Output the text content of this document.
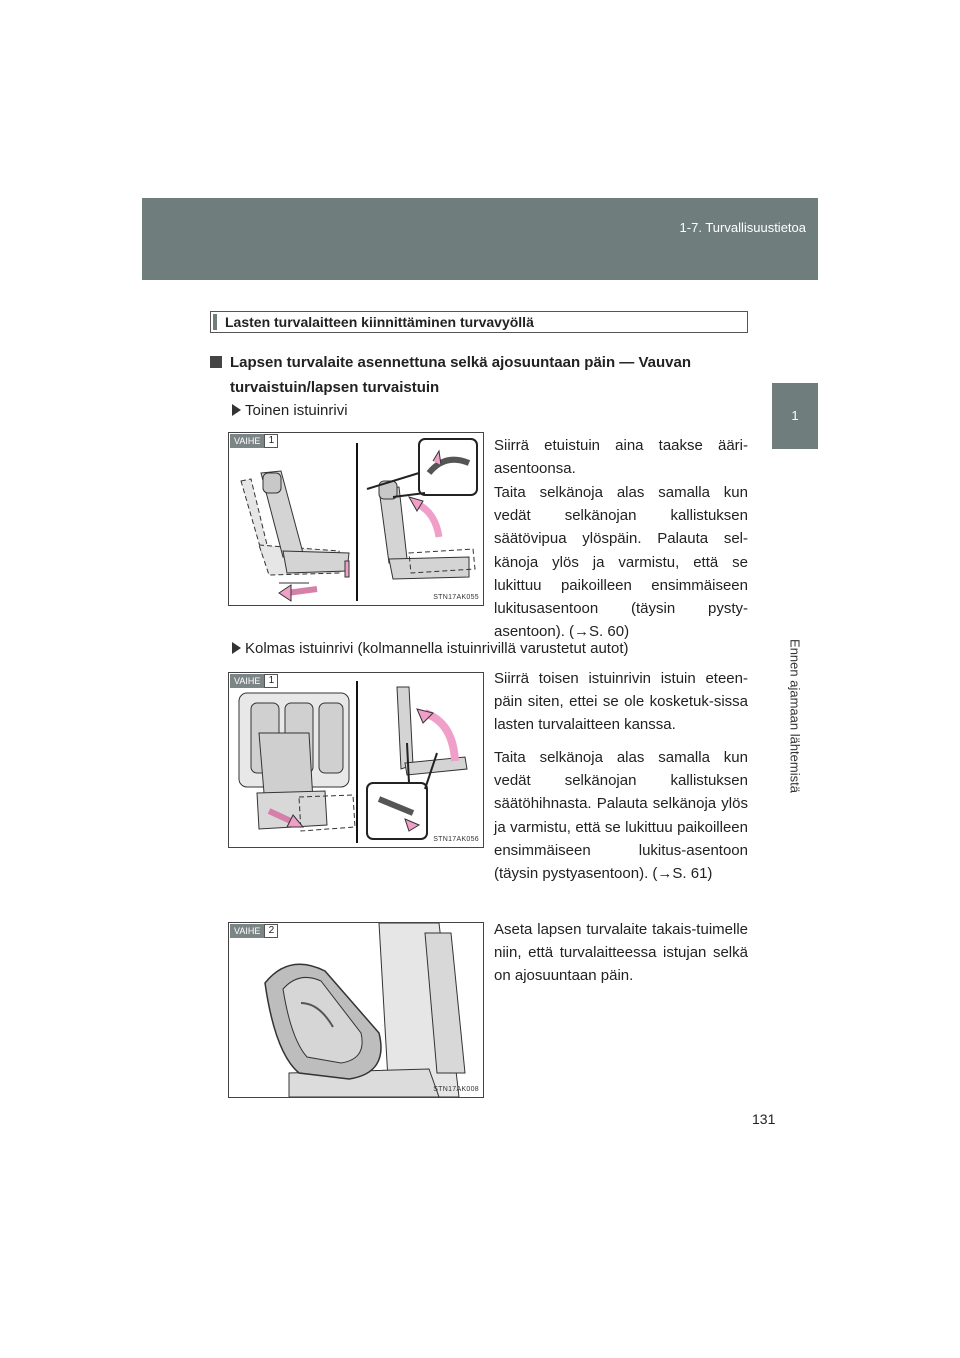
1-7. Turvallisuustietoa
1
Ennen ajamaan lähtemistä
Lasten turvalaitteen kiinnittäminen turvavyöllä
Lapsen turvalaite asennettuna selkä ajosuuntaan päin — Vauvan
turvaistuin/lapsen turvaistuin
Toinen istuinrivi
Kolmas istuinrivi (kolmannella istuinrivillä varustetut autot)
VAIHE 1
STN17AK055
VAIHE 1
STN17AK056
VAIHE 2
STN17AK008
Siirrä etuistuin aina taakse ääri-asentoonsa.
Taita selkänoja alas samalla kun vedät selkänojan kallistuksen säätövipua ylöspäin. Palauta sel-känoja ylös ja varmistu, että se lukittuu paikoilleen ensimmäiseen lukitusasentoon (täysin pysty-asentoon). (→S. 60)
Siirrä toisen istuinrivin istuin eteen-päin siten, ettei se ole kosketuk-sissa lasten turvalaitteen kanssa.
Taita selkänoja alas samalla kun vedät selkänojan kallistuksen säätöhihnasta. Palauta selkänoja ylös ja varmistu, että se lukittuu paikoilleen ensimmäiseen lukitus-asentoon (täysin pystyasentoon). (→S. 61)
Aseta lapsen turvalaite takais-tuimelle niin, että turvalaitteessa istujan selkä on ajosuuntaan päin.
131
